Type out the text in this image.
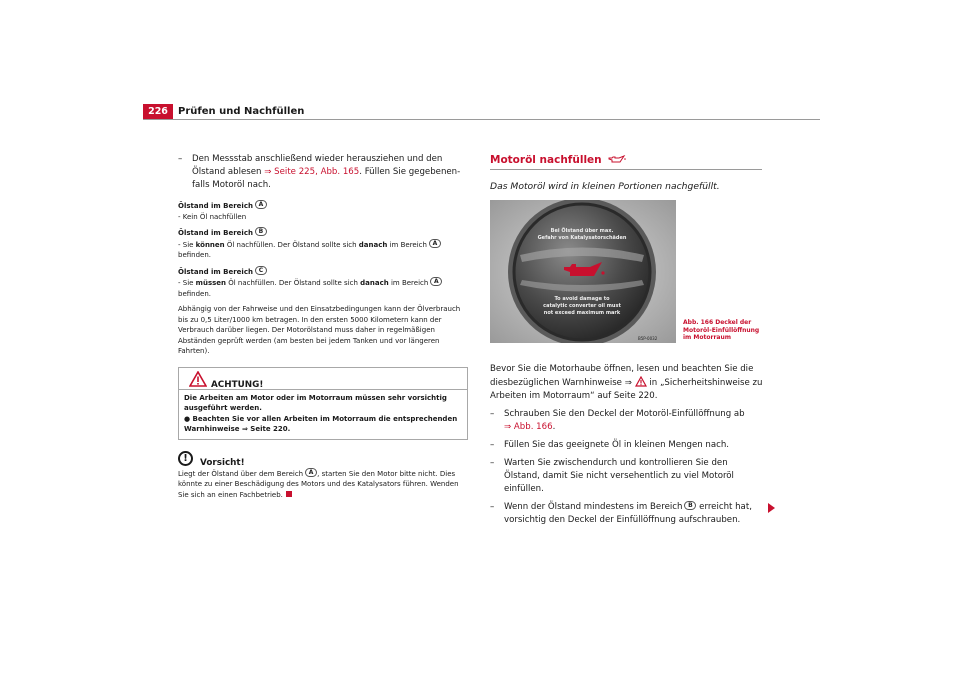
226	Prüfen und Nachfüllen
– Den Messstab anschließend wieder herausziehen und den Ölstand ablesen ⇒ Seite 225, Abb. 165. Füllen Sie gegebenenfalls Motoröl nach.
Ölstand im Bereich A
- Kein Öl nachfüllen
Ölstand im Bereich B
- Sie können Öl nachfüllen. Der Ölstand sollte sich danach im Bereich A
befinden.
Ölstand im Bereich C
- Sie müssen Öl nachfüllen. Der Ölstand sollte sich danach im Bereich A
befinden.
Abhängig von der Fahrweise und den Einsatzbedingungen kann der Ölverbrauch bis zu 0,5 Liter/1000 km betragen. In den ersten 5000 Kilometern kann der Verbrauch darüber liegen. Der Motorölstand muss daher in regelmäßigen Abständen geprüft werden (am besten bei jedem Tanken und vor längeren Fahrten).
ACHTUNG!
Die Arbeiten am Motor oder im Motorraum müssen sehr vorsichtig ausgeführt werden.
● Beachten Sie vor allen Arbeiten im Motorraum die entsprechenden Warnhinweise ⇒ Seite 220.
!	Vorsicht!
Liegt der Ölstand über dem Bereich A , starten Sie den Motor bitte nicht. Dies könnte zu einer Beschädigung des Motors und des Katalysators führen. Wenden Sie sich an einen Fachbetrieb.
Motoröl nachfüllen
Das Motoröl wird in kleinen Portionen nachgefüllt.
Bei Ölstand über max.
Gefahr von Katalysatorschäden
To avoid damage to
catalytic converter oil must
not exceed maximum mark
B5P-0032
Abb. 166 Deckel der Motoröl-Einfüllöffnung im Motorraum
Bevor Sie die Motorhaube öffnen, lesen und beachten Sie die diesbezüglichen Warnhinweise ⇒  in „Sicherheitshinweise zu Arbeiten im Motorraum“ auf Seite 220.
– Schrauben Sie den Deckel der Motoröl-Einfüllöffnung ab
⇒ Abb. 166.
– Füllen Sie das geeignete Öl in kleinen Mengen nach.
– Warten Sie zwischendurch und kontrollieren Sie den Ölstand, damit Sie nicht versehentlich zu viel Motoröl einfüllen.
– Wenn der Ölstand mindestens im Bereich B erreicht hat, vorsichtig den Deckel der Einfüllöffnung aufschrauben.
